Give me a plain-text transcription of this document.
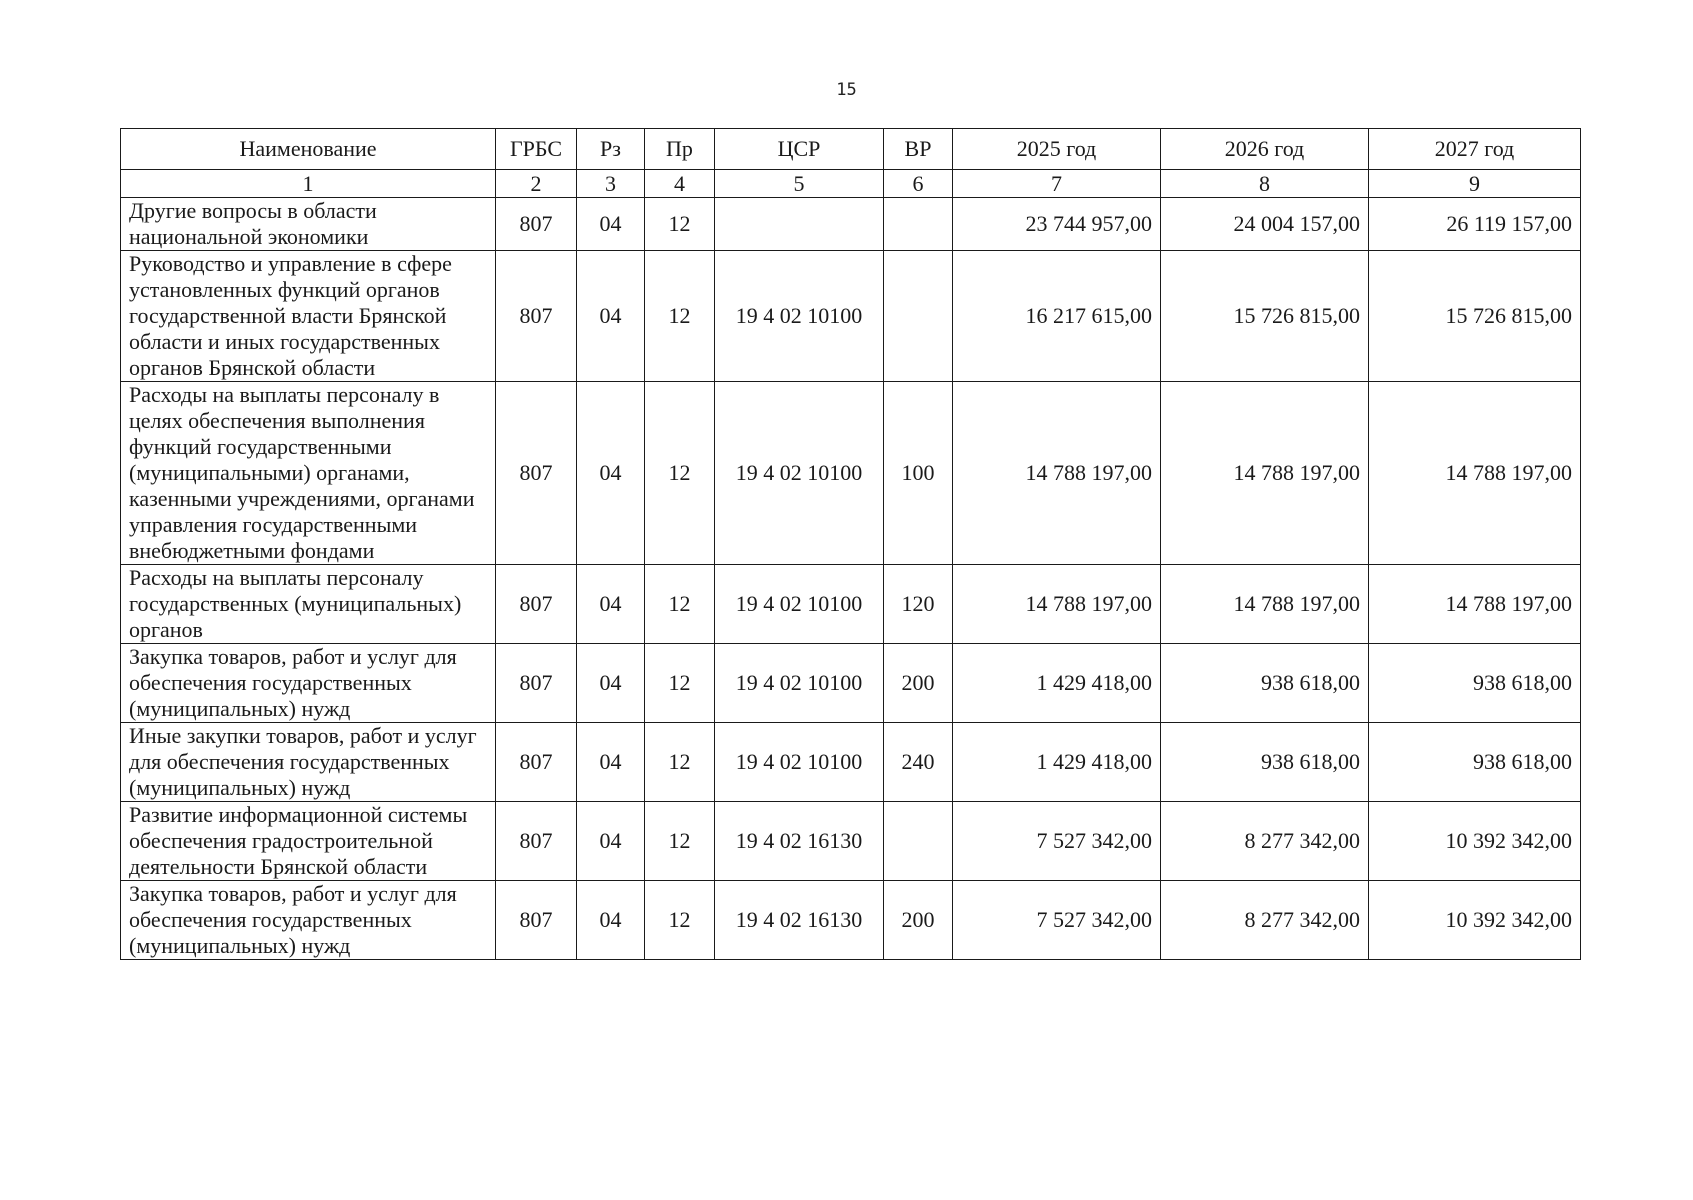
15
Наименование	ГРБС	Рз	Пр	ЦСР	ВР	2025 год	2026 год	2027 год
1	2	3	4	5	6	7	8	9
Другие вопросы в области национальной экономики	807	04	12			23 744 957,00	24 004 157,00	26 119 157,00
Руководство и управление в сфере установленных функций органов государственной власти Брянской области и иных государственных органов Брянской области	807	04	12	19 4 02 10100		16 217 615,00	15 726 815,00	15 726 815,00
Расходы на выплаты персоналу в целях обеспечения выполнения функций государственными (муниципальными) органами, казенными учреждениями, органами управления государственными внебюджетными фондами	807	04	12	19 4 02 10100	100	14 788 197,00	14 788 197,00	14 788 197,00
Расходы на выплаты персоналу государственных (муниципальных) органов	807	04	12	19 4 02 10100	120	14 788 197,00	14 788 197,00	14 788 197,00
Закупка товаров, работ и услуг для обеспечения государственных (муниципальных) нужд	807	04	12	19 4 02 10100	200	1 429 418,00	938 618,00	938 618,00
Иные закупки товаров, работ и услуг для обеспечения государственных (муниципальных) нужд	807	04	12	19 4 02 10100	240	1 429 418,00	938 618,00	938 618,00
Развитие информационной системы обеспечения градостроительной деятельности Брянской области	807	04	12	19 4 02 16130		7 527 342,00	8 277 342,00	10 392 342,00
Закупка товаров, работ и услуг для обеспечения государственных (муниципальных) нужд	807	04	12	19 4 02 16130	200	7 527 342,00	8 277 342,00	10 392 342,00
